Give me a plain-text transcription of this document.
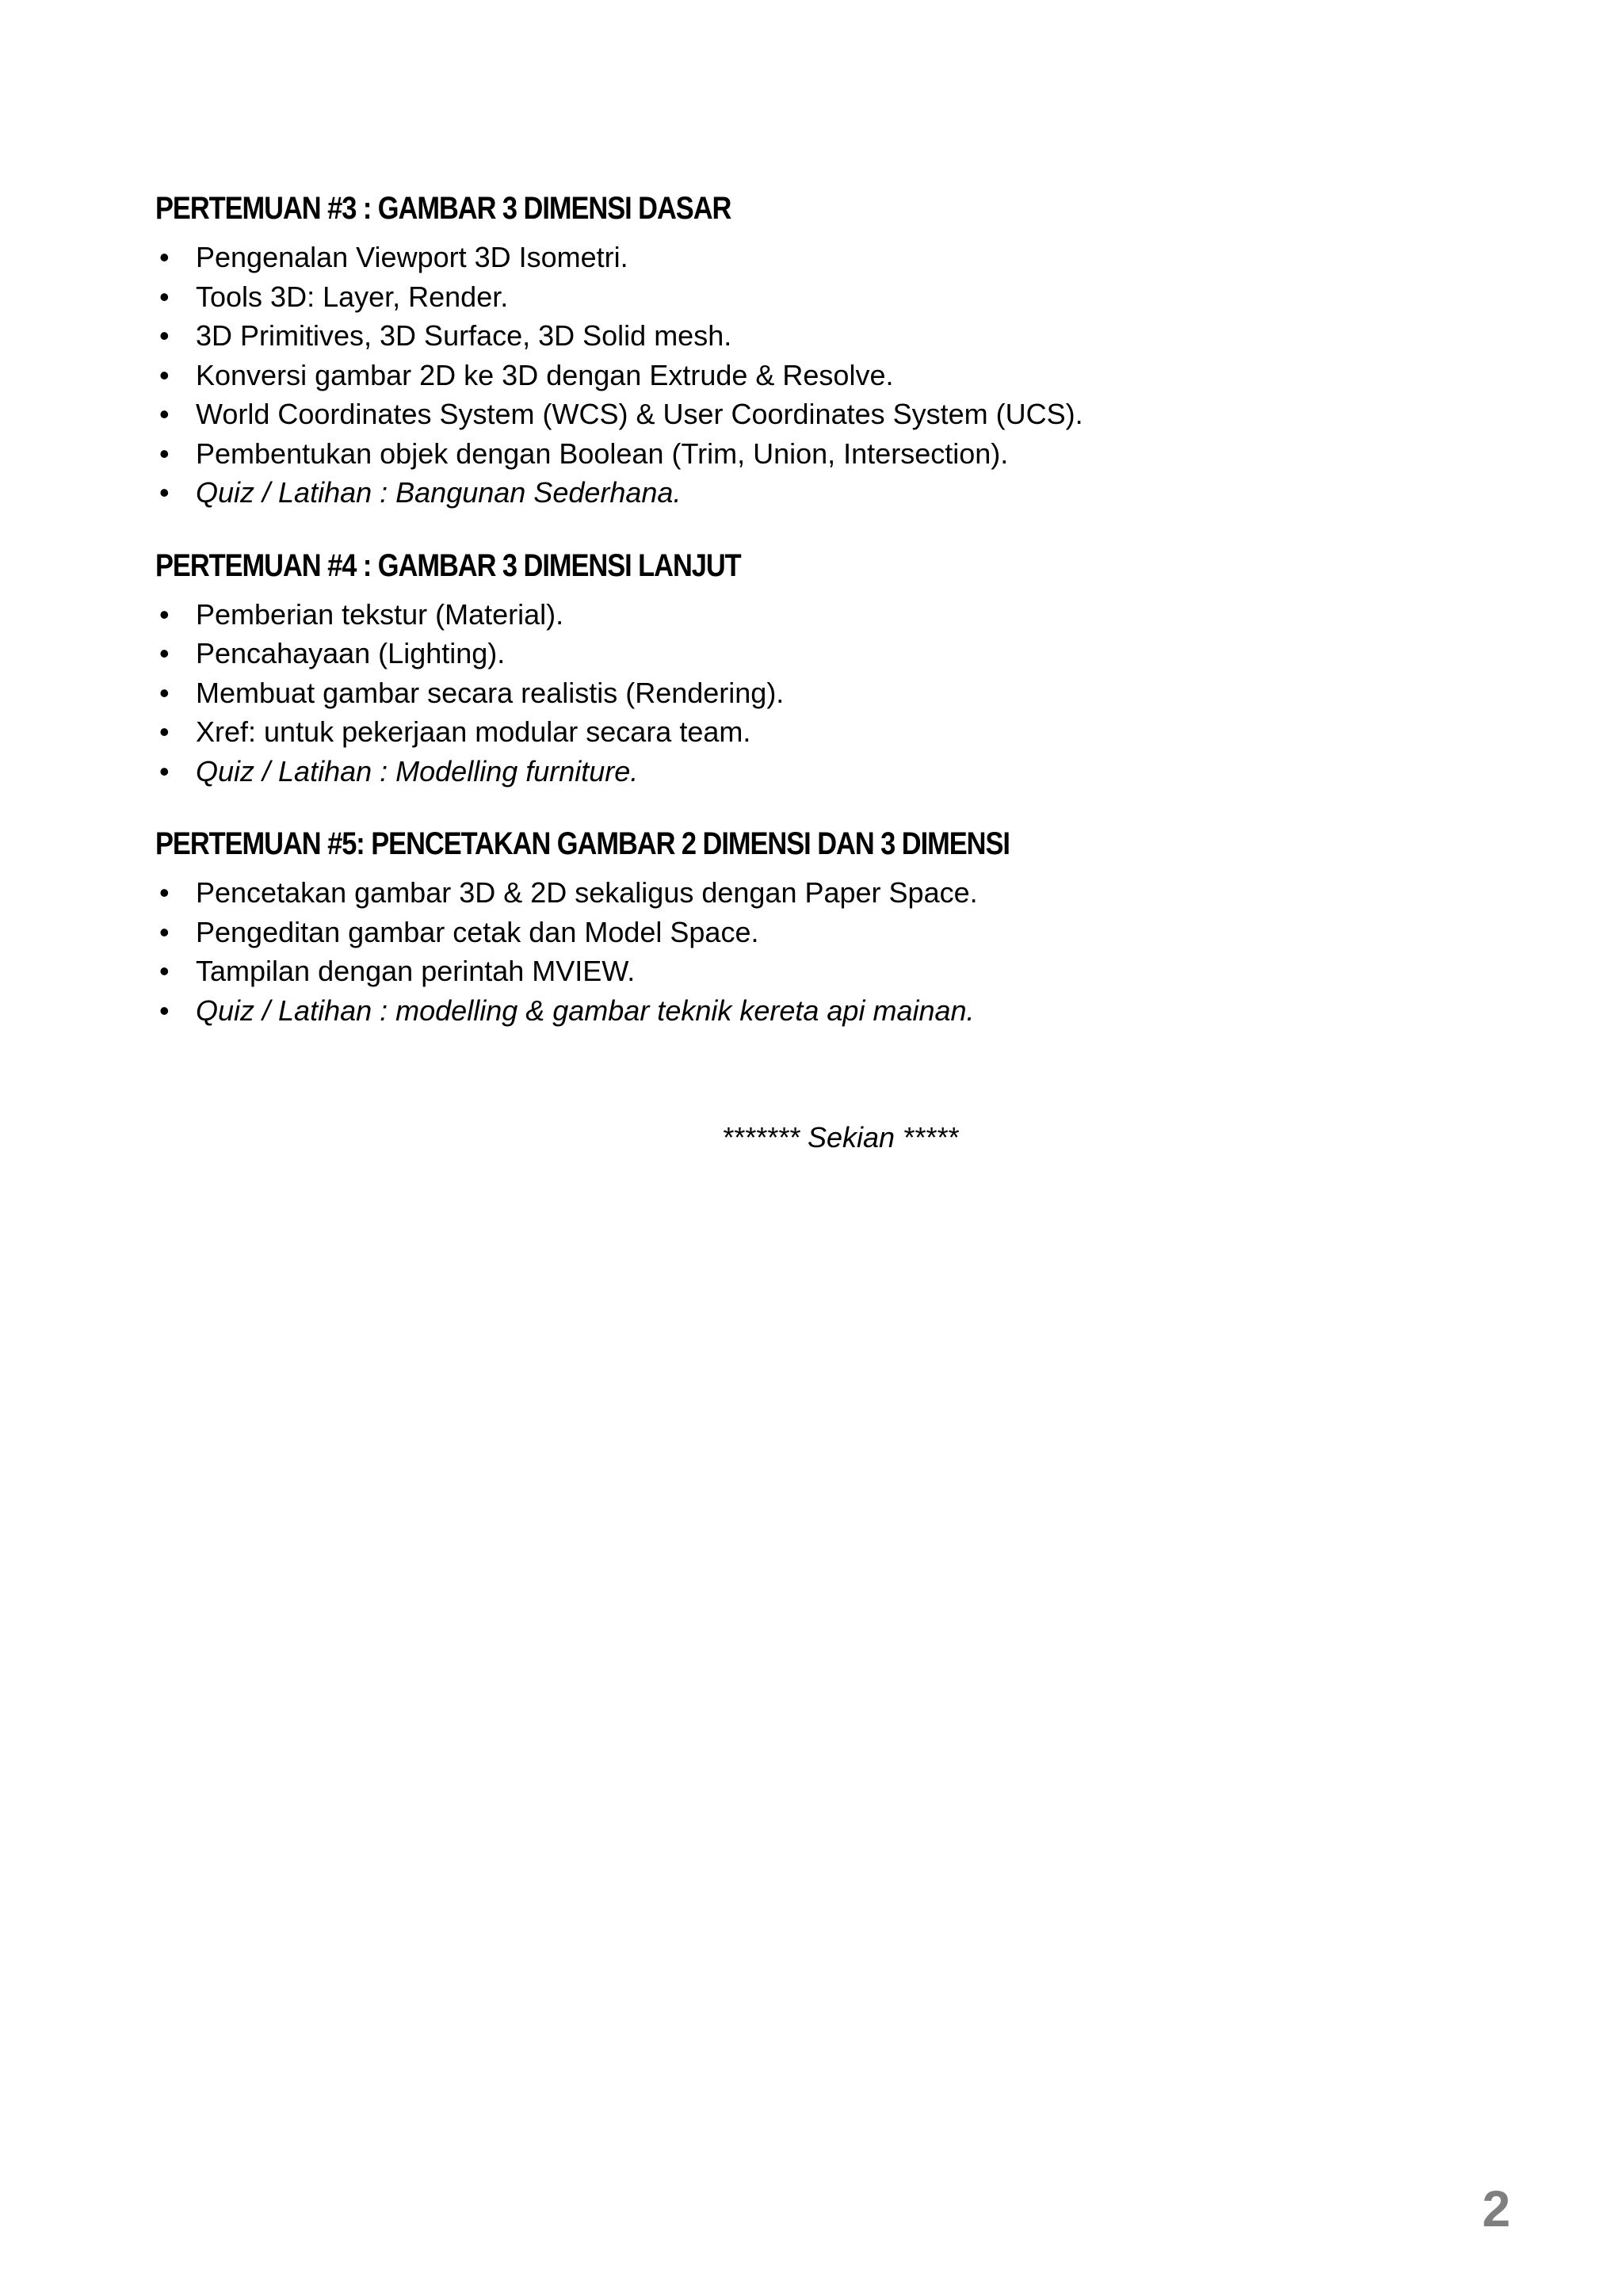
PERTEMUAN #3 : GAMBAR 3 DIMENSI DASAR
• Pengenalan Viewport 3D Isometri.
• Tools 3D: Layer, Render.
• 3D Primitives, 3D Surface, 3D Solid mesh.
• Konversi gambar 2D ke 3D dengan Extrude & Resolve.
• World Coordinates System (WCS) & User Coordinates System (UCS).
• Pembentukan objek dengan Boolean (Trim, Union, Intersection).
• Quiz / Latihan : Bangunan Sederhana.
PERTEMUAN #4 : GAMBAR 3 DIMENSI LANJUT
• Pemberian tekstur (Material).
• Pencahayaan (Lighting).
• Membuat gambar secara realistis (Rendering).
• Xref: untuk pekerjaan modular secara team.
• Quiz / Latihan : Modelling furniture.
PERTEMUAN #5: PENCETAKAN GAMBAR 2 DIMENSI DAN 3 DIMENSI
• Pencetakan gambar 3D & 2D sekaligus dengan Paper Space.
• Pengeditan gambar cetak dan Model Space.
• Tampilan dengan perintah MVIEW.
• Quiz / Latihan : modelling & gambar teknik kereta api mainan.
******* Sekian *****
2
